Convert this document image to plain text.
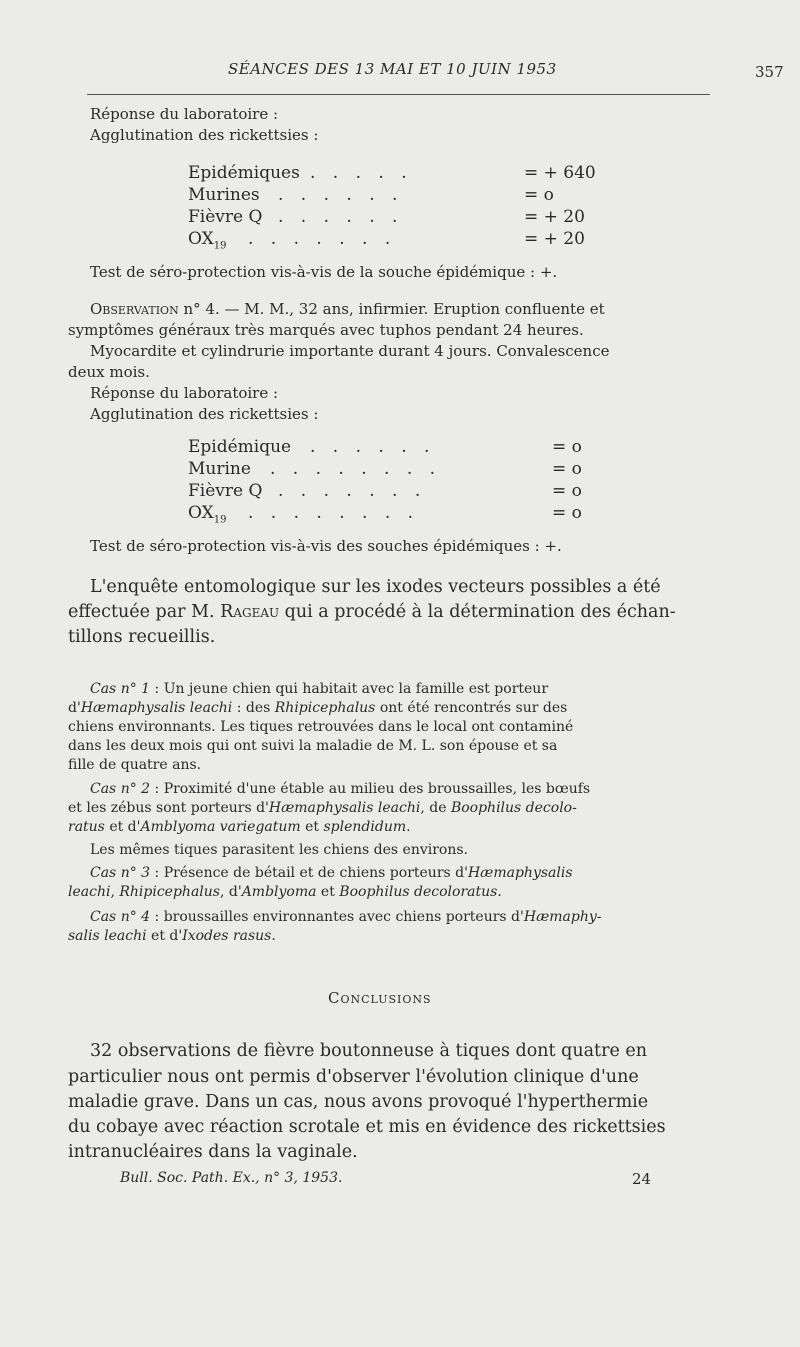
SÉANCES DES 13 MAI ET 10 JUIN 1953	357
Réponse du laboratoire :
Agglutination des rickettsies :
Epidémiques . . . . .	= + 640
Murines . . . . . .	= o
Fièvre Q . . . . . .	= + 20
$OX_{19}$ . . . . . . .	= + 20
Test de séro-protection vis-à-vis de la souche épidémique : +.
Observation n° 4. — M. M., 32 ans, infirmier. Eruption confluente et
symptômes généraux très marqués avec tuphos pendant 24 heures.
Myocardite et cylindrurie importante durant 4 jours. Convalescence
deux mois.
Réponse du laboratoire :
Agglutination des rickettsies :
Epidémique . . . . . .	= o
Murine . . . . . . . .	= o
Fièvre Q . . . . . . .	= o
$OX_{19}$ . . . . . . . .	= o
Test de séro-protection vis-à-vis des souches épidémiques : +.
L'enquête entomologique sur les ixodes vecteurs possibles a été
effectuée par M. Rageau qui a procédé à la détermination des échan-
tillons recueillis.
Cas n° 1 : Un jeune chien qui habitait avec la famille est porteur
d'Hæmaphysalis leachi : des Rhipicephalus ont été rencontrés sur des
chiens environnants. Les tiques retrouvées dans le local ont contaminé
dans les deux mois qui ont suivi la maladie de M. L. son épouse et sa
fille de quatre ans.
Cas n° 2 : Proximité d'une étable au milieu des broussailles, les bœufs
et les zébus sont porteurs d'Hæmaphysalis leachi, de Boophilus decolo-
ratus et d'Amblyoma variegatum et splendidum.
Les mêmes tiques parasitent les chiens des environs.
Cas n° 3 : Présence de bétail et de chiens porteurs d'Hæmaphysalis
leachi, Rhipicephalus, d'Amblyoma et Boophilus decoloratus.
Cas n° 4 : broussailles environnantes avec chiens porteurs d'Hæmaphy-
salis leachi et d'Ixodes rasus.
Conclusions
32 observations de fièvre boutonneuse à tiques dont quatre en
particulier nous ont permis d'observer l'évolution clinique d'une
maladie grave. Dans un cas, nous avons provoqué l'hyperthermie
du cobaye avec réaction scrotale et mis en évidence des rickettsies
intranucléaires dans la vaginale.
Bull. Soc. Path. Ex., n° 3, 1953.	24
